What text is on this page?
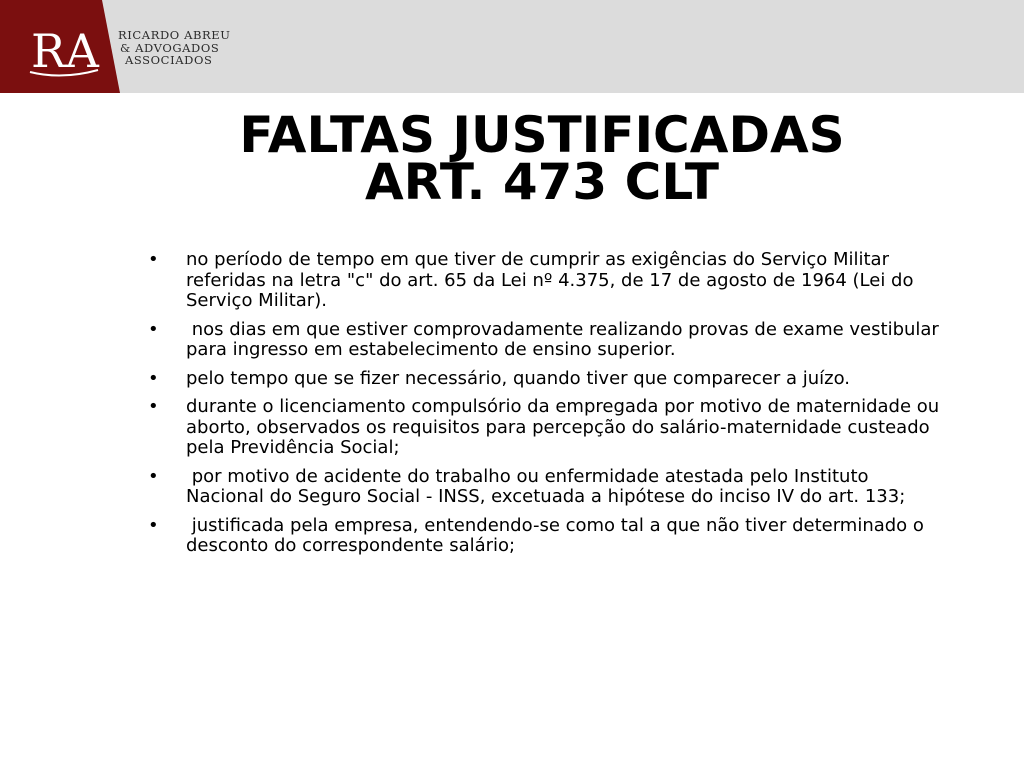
RA RICARDO ABREU
& ADVOGADOS
ASSOCIADOS
FALTAS JUSTIFICADAS
ART. 473 CLT
• no período de tempo em que tiver de cumprir as exigências do Serviço Militar referidas na letra "c" do art. 65 da Lei nº 4.375, de 17 de agosto de 1964 (Lei do Serviço Militar).
• nos dias em que estiver comprovadamente realizando provas de exame vestibular para ingresso em estabelecimento de ensino superior.
• pelo tempo que se fizer necessário, quando tiver que comparecer a juízo.
• durante o licenciamento compulsório da empregada por motivo de maternidade ou aborto, observados os requisitos para percepção do salário-maternidade custeado pela Previdência Social;
• por motivo de acidente do trabalho ou enfermidade atestada pelo Instituto Nacional do Seguro Social - INSS, excetuada a hipótese do inciso IV do art. 133;
• justificada pela empresa, entendendo-se como tal a que não tiver determinado o desconto do correspondente salário;
